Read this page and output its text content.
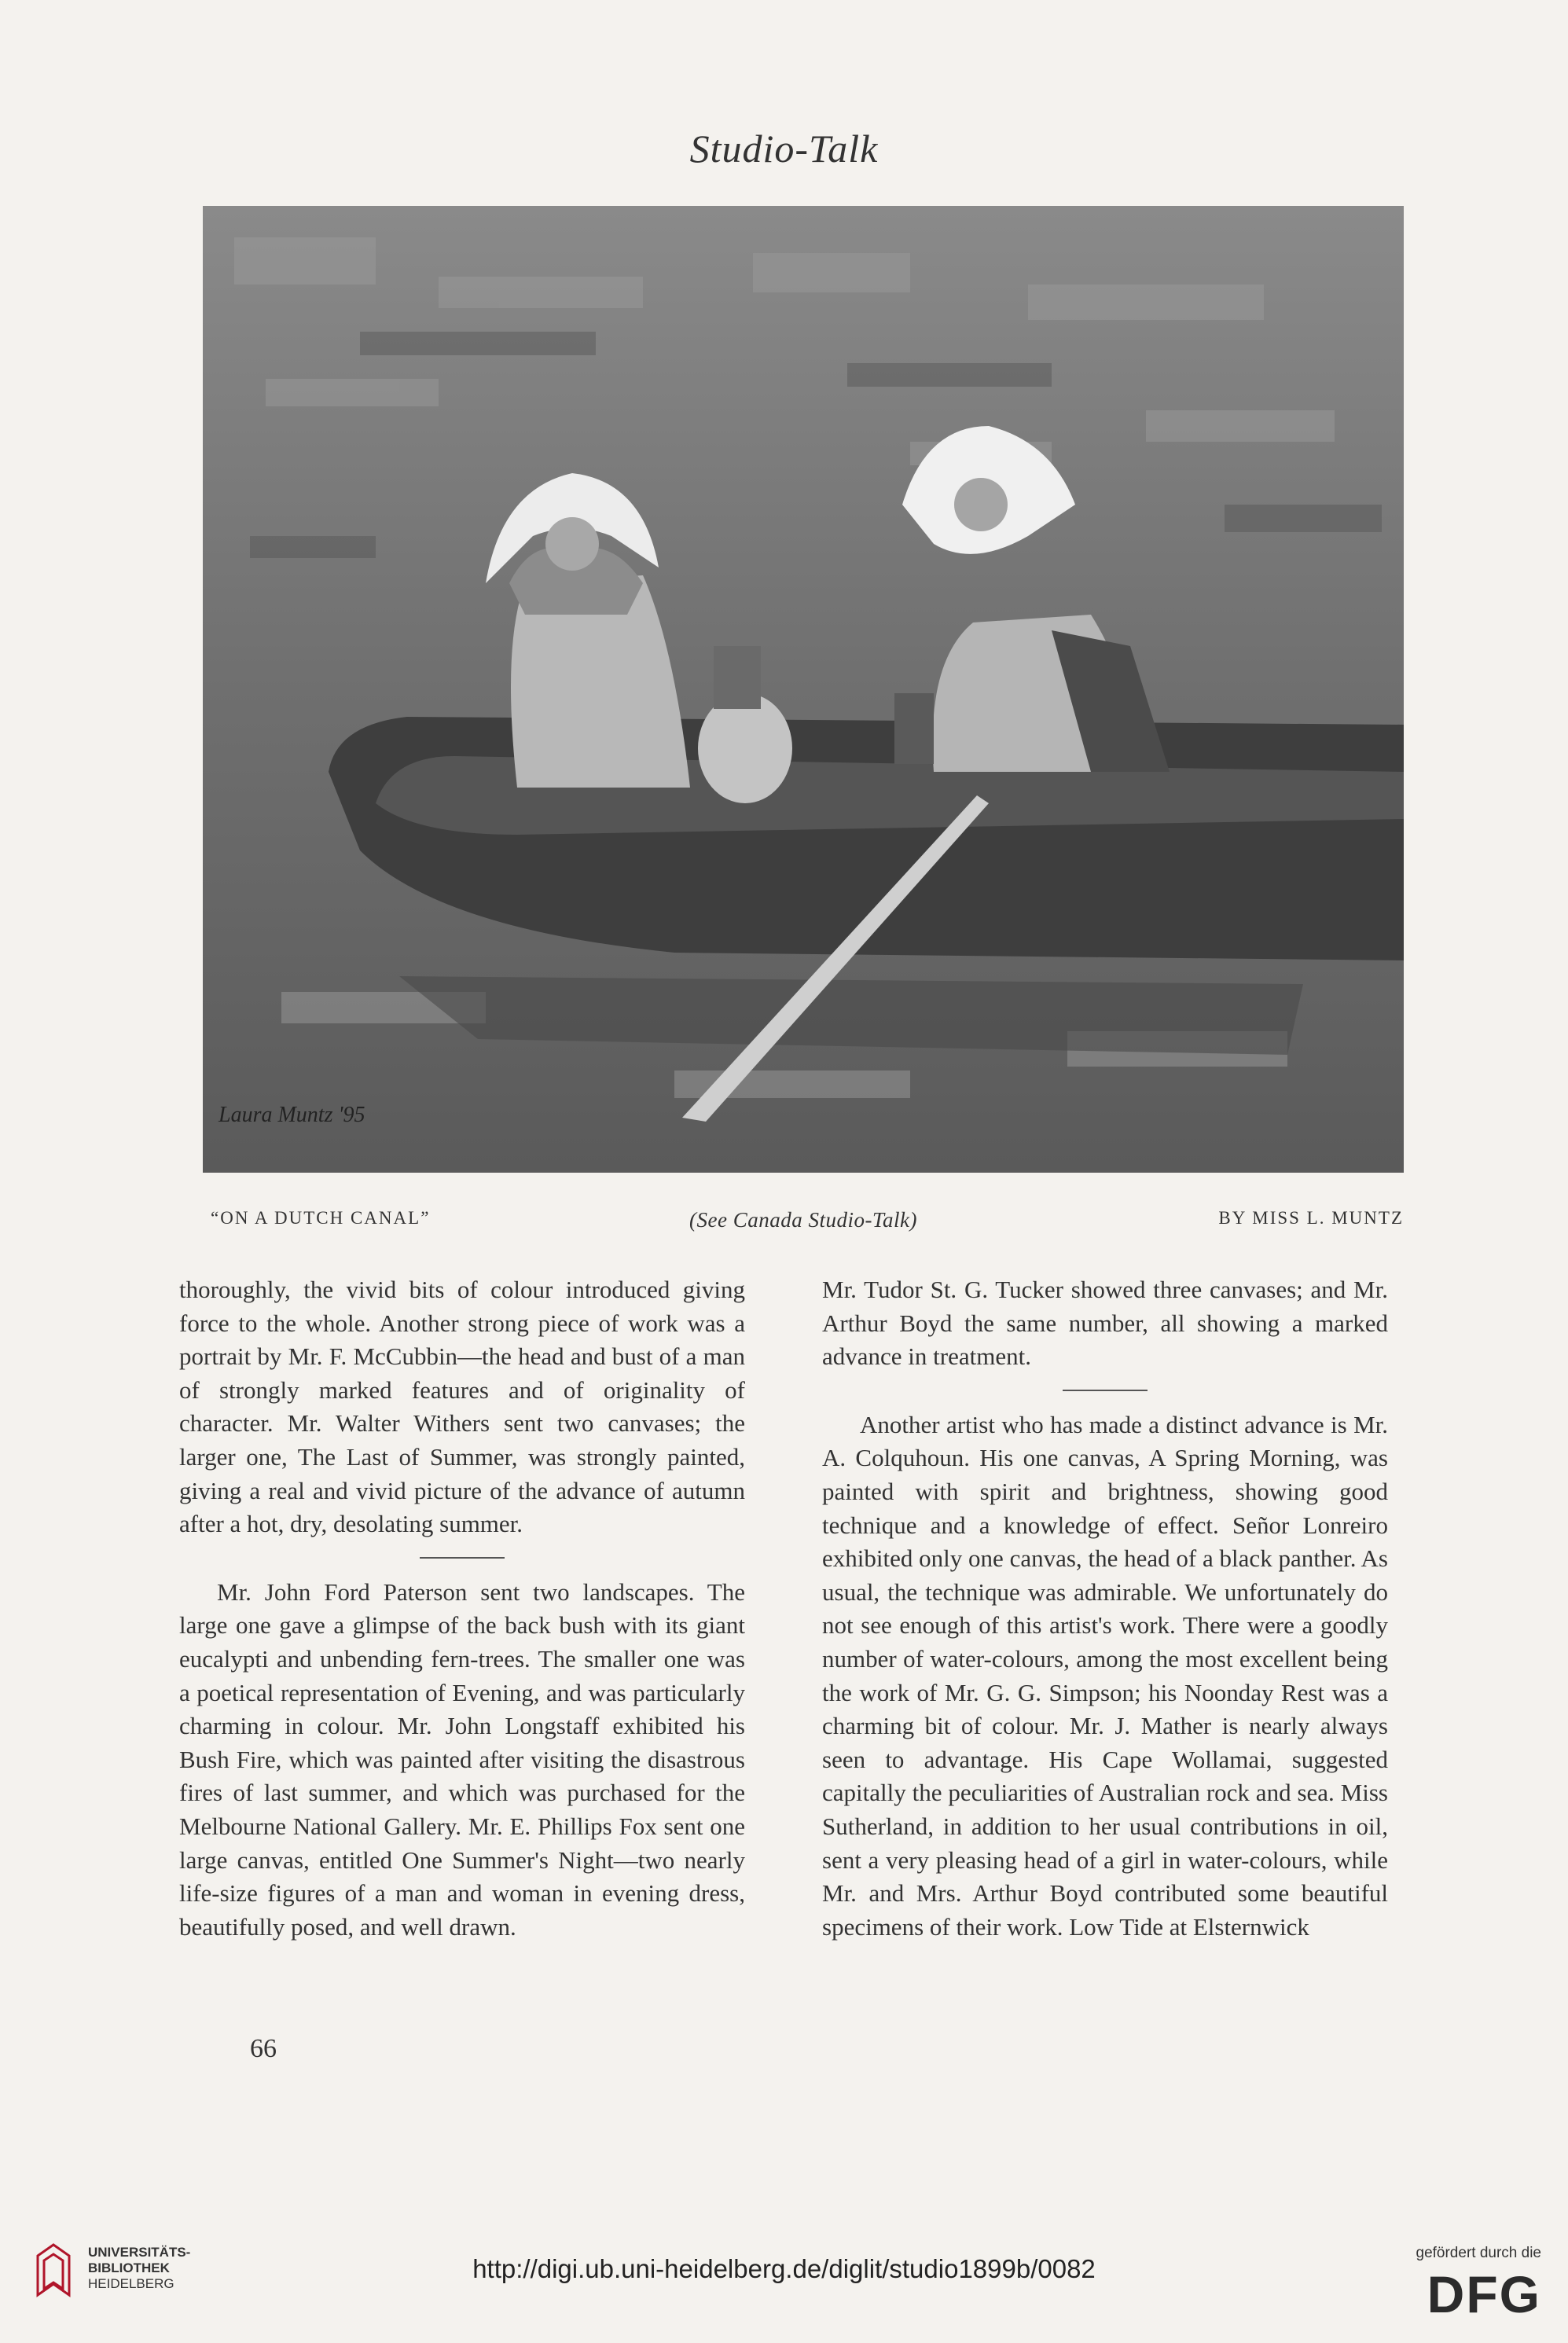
Studio-Talk
Laura Muntz '95
(See Canada Studio-Talk)
“ON A DUTCH CANAL”	BY MISS L. MUNTZ

thoroughly, the vivid bits of colour introduced giving force to the whole. Another strong piece of work was a portrait by Mr. F. McCubbin—the head and bust of a man of strongly marked features and of originality of character. Mr. Walter Withers sent two canvases; the larger one, The Last of Summer, was strongly painted, giving a real and vivid picture of the advance of autumn after a hot, dry, desolating summer.

Mr. John Ford Paterson sent two landscapes. The large one gave a glimpse of the back bush with its giant eucalypti and unbending fern-trees. The smaller one was a poetical representation of Evening, and was particularly charming in colour. Mr. John Longstaff exhibited his Bush Fire, which was painted after visiting the disastrous fires of last summer, and which was purchased for the Melbourne National Gallery. Mr. E. Phillips Fox sent one large canvas, entitled One Summer's Night—two nearly life-size figures of a man and woman in evening dress, beautifully posed, and well drawn.

Mr. Tudor St. G. Tucker showed three canvases; and Mr. Arthur Boyd the same number, all showing a marked advance in treatment.

Another artist who has made a distinct advance is Mr. A. Colquhoun. His one canvas, A Spring Morning, was painted with spirit and brightness, showing good technique and a knowledge of effect. Señor Lonreiro exhibited only one canvas, the head of a black panther. As usual, the technique was admirable. We unfortunately do not see enough of this artist's work. There were a goodly number of water-colours, among the most excellent being the work of Mr. G. G. Simpson; his Noonday Rest was a charming bit of colour. Mr. J. Mather is nearly always seen to advantage. His Cape Wollamai, suggested capitally the peculiarities of Australian rock and sea. Miss Sutherland, in addition to her usual contributions in oil, sent a very pleasing head of a girl in water-colours, while Mr. and Mrs. Arthur Boyd contributed some beautiful specimens of their work. Low Tide at Elsternwick

66
UNIVERSITÄTS-
BIBLIOTHEK
HEIDELBERG
http://digi.ub.uni-heidelberg.de/diglit/studio1899b/0082
gefördert durch die
DFG
